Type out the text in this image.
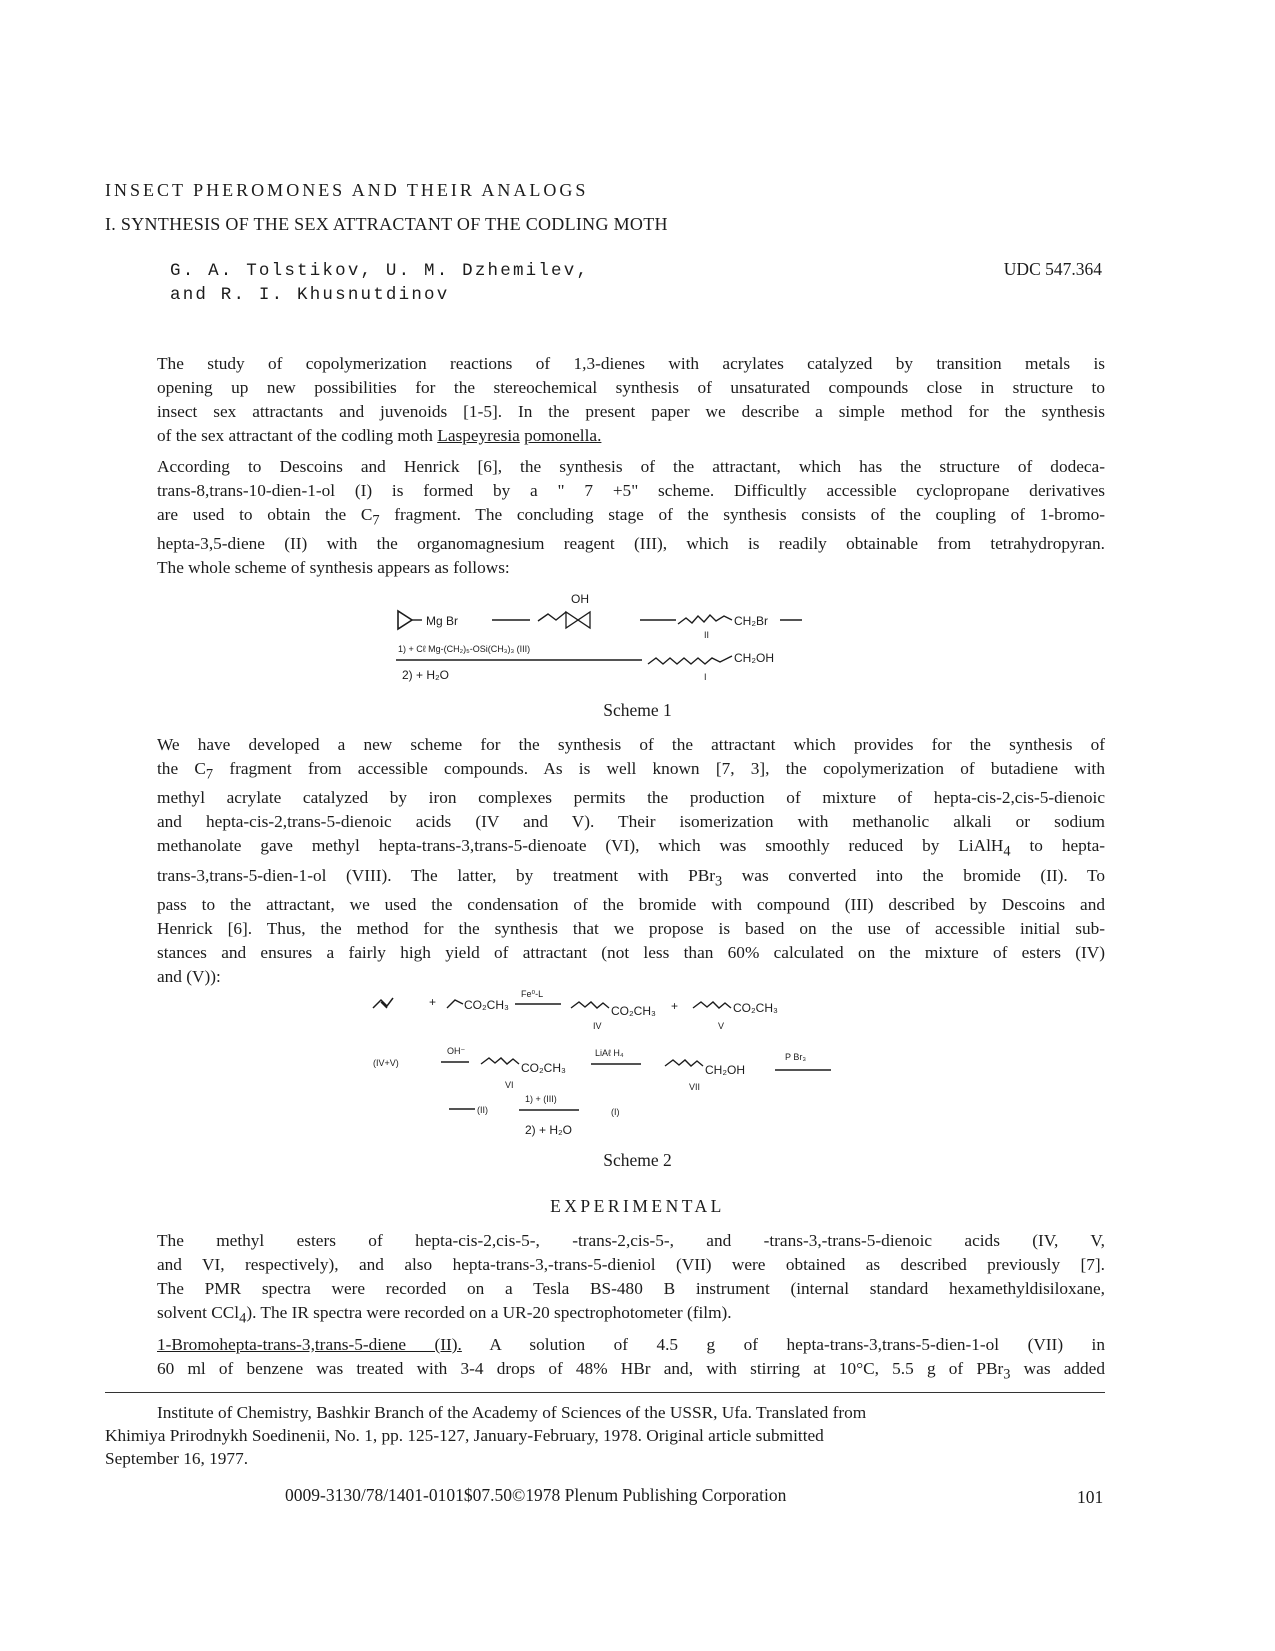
INSECT PHEROMONES AND THEIR ANALOGS
I. SYNTHESIS OF THE SEX ATTRACTANT OF THE CODLING MOTH
G. A. Tolstikov, U. M. Dzhemilev,
and R. I. Khusnutdinov
UDC 547.364
The study of copolymerization reactions of 1,3-dienes with acrylates catalyzed by transition metals is
opening up new possibilities for the stereochemical synthesis of unsaturated compounds close in structure to
insect sex attractants and juvenoids [1-5]. In the present paper we describe a simple method for the synthesis
of the sex attractant of the codling moth Laspeyresia pomonella.
According to Descoins and Henrick [6], the synthesis of the attractant, which has the structure of dodeca-
trans-8,trans-10-dien-1-ol (I) is formed by a " 7 +5" scheme. Difficultly accessible cyclopropane derivatives
are used to obtain the $C_7$ fragment. The concluding stage of the synthesis consists of the coupling of 1-bromo-
hepta-3,5-diene (II) with the organomagnesium reagent (III), which is readily obtainable from tetrahydropyran.
The whole scheme of synthesis appears as follows:
Mg Br
OH
CH₂Br
II
1) + Cℓ Mg-(CH₂)₅-OSi(CH₃)₃ (III)
2) + H₂O
CH₂OH
I
Scheme 1
We have developed a new scheme for the synthesis of the attractant which provides for the synthesis of
the $C_7$ fragment from accessible compounds. As is well known [7, 3], the copolymerization of butadiene with
methyl acrylate catalyzed by iron complexes permits the production of mixture of hepta-cis-2,cis-5-dienoic
and hepta-cis-2,trans-5-dienoic acids (IV and V). Their isomerization with methanolic alkali or sodium
methanolate gave methyl hepta-trans-3,trans-5-dienoate (VI), which was smoothly reduced by LiAlH$_4$ to hepta-
trans-3,trans-5-dien-1-ol (VIII). The latter, by treatment with PBr$_3$ was converted into the bromide (II). To
pass to the attractant, we used the condensation of the bromide with compound (III) described by Descoins and
Henrick [6]. Thus, the method for the synthesis that we propose is based on the use of accessible initial sub-
stances and ensures a fairly high yield of attractant (not less than 60% calculated on the mixture of esters (IV)
and (V)):
+ CO₂CH₃
Fe⁰-L
CO₂CH₃
IV
+	CO₂CH₃
V
(IV+V)
OH⁻
CO₂CH₃
VI
LiAℓ H₄
CH₂OH
VII
P Br₃
(II)
1) + (III)
2) + H₂O
(I)
Scheme 2
EXPERIMENTAL
The methyl esters of hepta-cis-2,cis-5-, -trans-2,cis-5-, and -trans-3,-trans-5-dienoic acids (IV, V,
and VI, respectively), and also hepta-trans-3,-trans-5-dieniol (VII) were obtained as described previously [7].
The PMR spectra were recorded on a Tesla BS-480 B instrument (internal standard hexamethyldisiloxane,
solvent CCl$_4$). The IR spectra were recorded on a UR-20 spectrophotometer (film).
1-Bromohepta-trans-3,trans-5-diene (II). A solution of 4.5 g of hepta-trans-3,trans-5-dien-1-ol (VII) in
60 ml of benzene was treated with 3-4 drops of 48% HBr and, with stirring at 10°C, 5.5 g of PBr$_3$ was added
Institute of Chemistry, Bashkir Branch of the Academy of Sciences of the USSR, Ufa. Translated from
Khimiya Prirodnykh Soedinenii, No. 1, pp. 125-127, January-February, 1978. Original article submitted
September 16, 1977.
0009-3130/78/1401-0101$07.50©1978 Plenum Publishing Corporation	101
